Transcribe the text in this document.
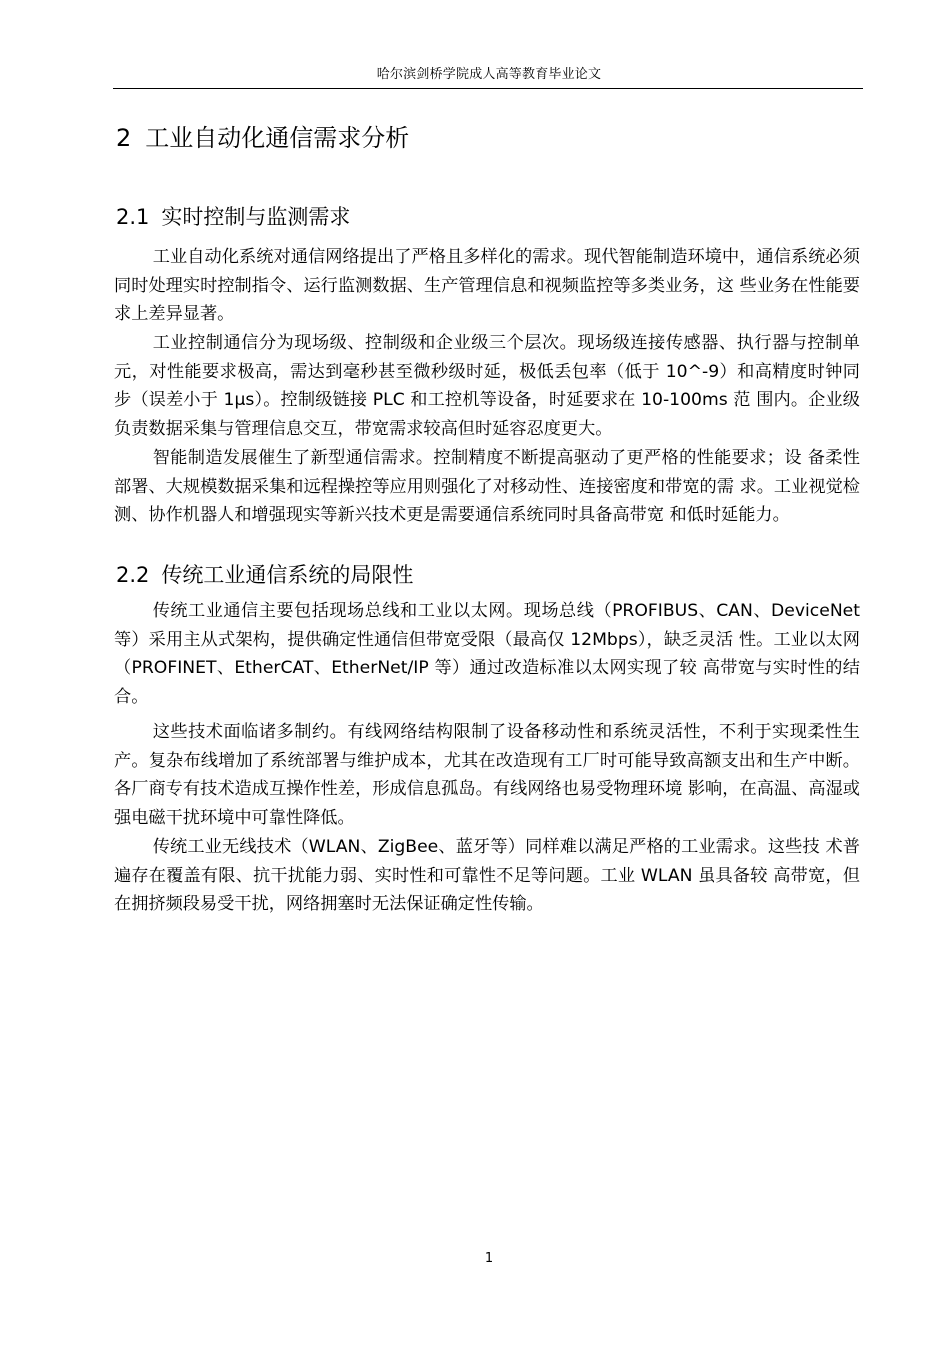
哈尔滨剑桥学院成人高等教育毕业论文
2 工业自动化通信需求分析
2.1 实时控制与监测需求

工业自动化系统对通信网络提出了严格且多样化的需求。现代智能制造环境中，通信系统必须同时处理实时控制指令、运行监测数据、生产管理信息和视频监控等多类业务，这 些业务在性能要求上差异显著。

工业控制通信分为现场级、控制级和企业级三个层次。现场级连接传感器、执行器与控制单元，对性能要求极高，需达到毫秒甚至微秒级时延，极低丢包率（低于 10^-9）和高精度时钟同步（误差小于 1μs）。控制级链接 PLC 和工控机等设备，时延要求在 10-100ms 范 围内。企业级负责数据采集与管理信息交互，带宽需求较高但时延容忍度更大。

智能制造发展催生了新型通信需求。控制精度不断提高驱动了更严格的性能要求；设 备柔性部署、大规模数据采集和远程操控等应用则强化了对移动性、连接密度和带宽的需 求。工业视觉检测、协作机器人和增强现实等新兴技术更是需要通信系统同时具备高带宽 和低时延能力。

2.2 传统工业通信系统的局限性

传统工业通信主要包括现场总线和工业以太网。现场总线（PROFIBUS、CAN、DeviceNet 等）采用主从式架构，提供确定性通信但带宽受限（最高仅 12Mbps），缺乏灵活 性。工业以太网（PROFINET、EtherCAT、EtherNet/IP 等）通过改造标准以太网实现了较 高带宽与实时性的结合。

这些技术面临诸多制约。有线网络结构限制了设备移动性和系统灵活性，不利于实现柔性生产。复杂布线增加了系统部署与维护成本，尤其在改造现有工厂时可能导致高额支出和生产中断。各厂商专有技术造成互操作性差，形成信息孤岛。有线网络也易受物理环境 影响，在高温、高湿或强电磁干扰环境中可靠性降低。

传统工业无线技术（WLAN、ZigBee、蓝牙等）同样难以满足严格的工业需求。这些技 术普遍存在覆盖有限、抗干扰能力弱、实时性和可靠性不足等问题。工业 WLAN 虽具备较 高带宽，但在拥挤频段易受干扰，网络拥塞时无法保证确定性传输。

1
